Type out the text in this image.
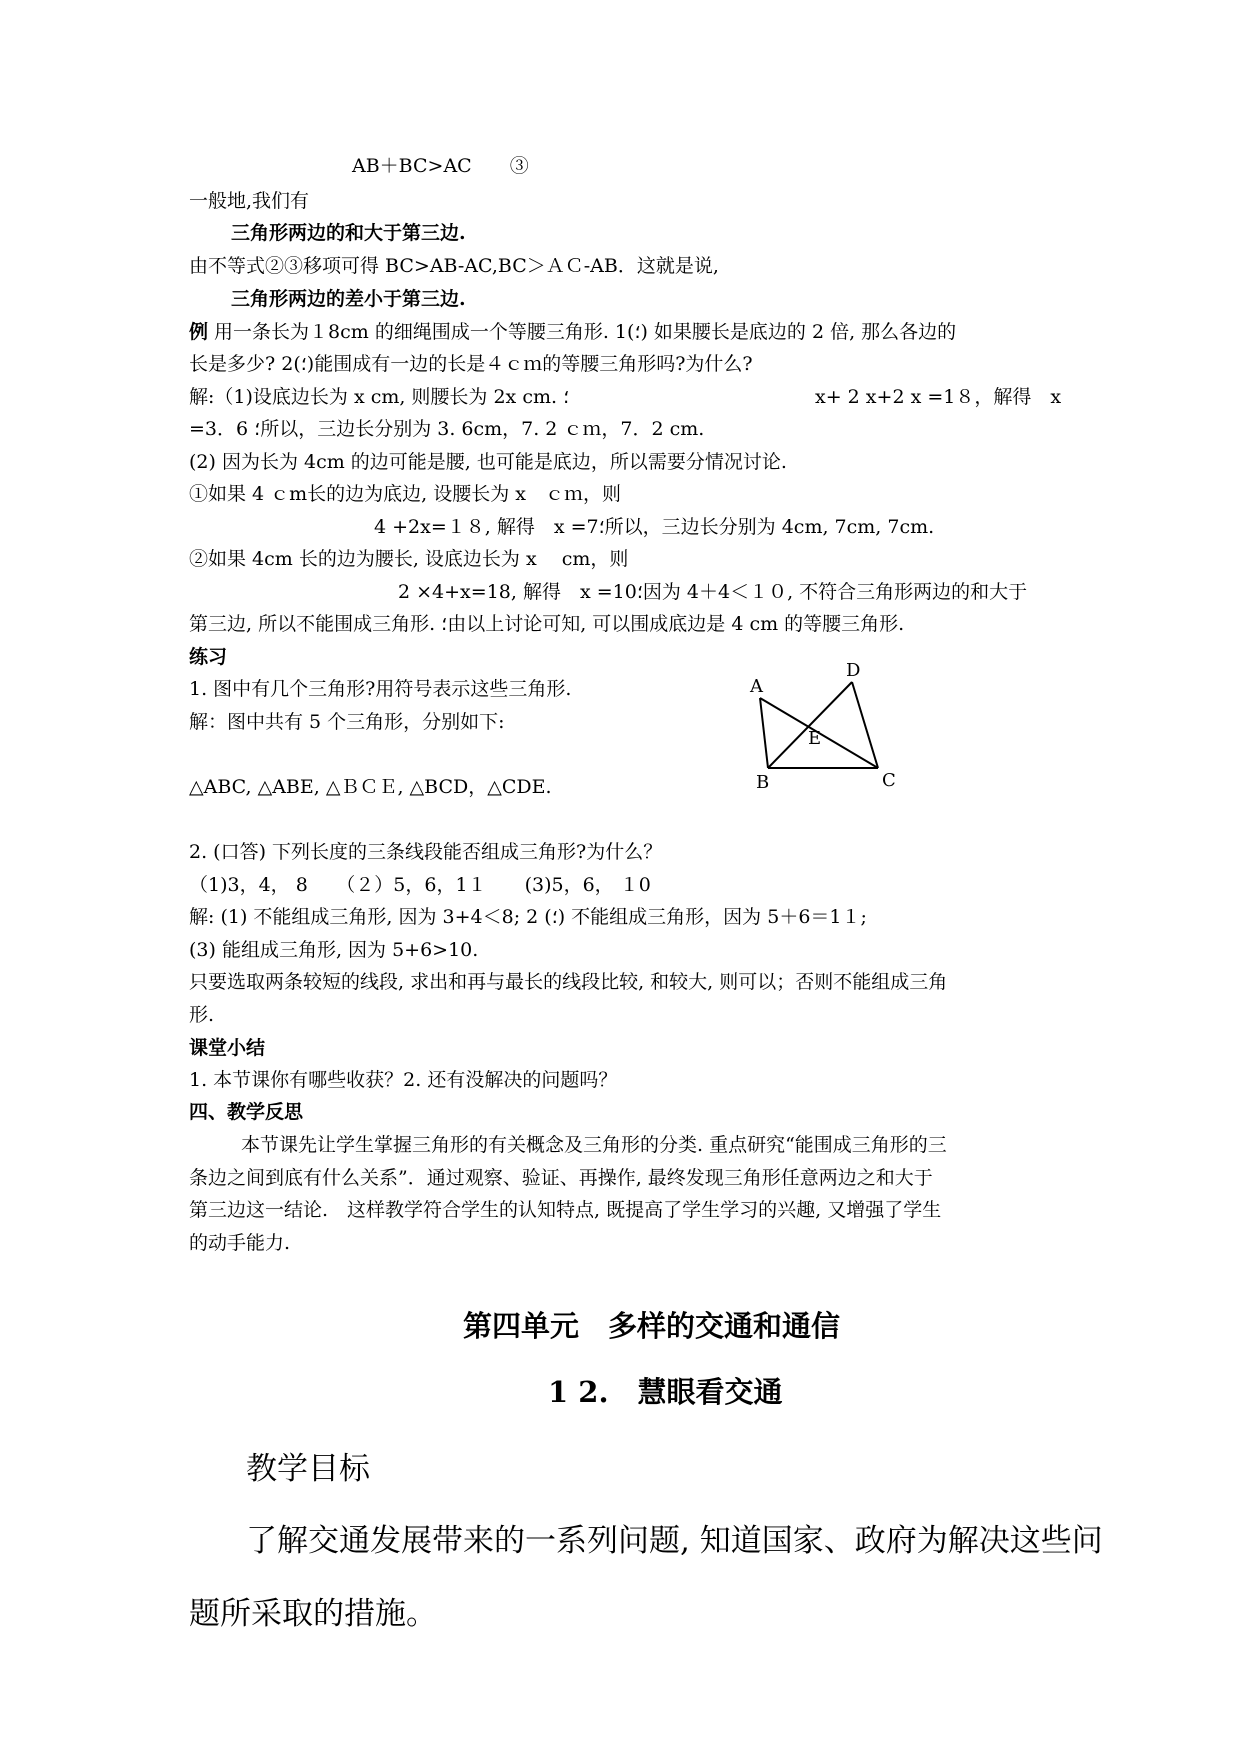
AB＋BC>AC　　③
一般地,我们有
三角形两边的和大于第三边.
由不等式②③移项可得 BC>AB-AC,BC＞ＡＣ-AB．这就是说,
三角形两边的差小于第三边.
例 用一条长为１8cm 的细绳围成一个等腰三角形. 1(؛) 如果腰长是底边的 2 倍, 那么各边的
长是多少? 2(؛)能围成有一边的长是４ｃｍ的等腰三角形吗?为什么?
解:（1)设底边长为 x cm, 则腰长为 2x cm. ؛	x+ 2 x+2 x =1８，解得　x
=3．6 ؛所以，三边长分别为 3. 6cm，7. 2 ｃｍ，7．2 cm.
(2) 因为长为 4cm 的边可能是腰, 也可能是底边，所以需要分情况讨论.
①如果 4 ｃm长的边为底边, 设腰长为 x　ｃｍ，则
4 +2x=１８, 解得　x =7؛所以，三边长分别为 4cm, 7cm, 7cm.
②如果 4cm 长的边为腰长, 设底边长为 x　 cm，则
2 ×4+x=18, 解得　x =10؛因为 4＋4＜１０, 不符合三角形两边的和大于
第三边, 所以不能围成三角形. ؛由以上讨论可知, 可以围成底边是 4 cm 的等腰三角形.
练习
1. 图中有几个三角形?用符号表示这些三角形.
解：图中共有 5 个三角形，分别如下:
△ABC, △ABE, △ＢＣＥ, △BCD，△CDE.
A
B	C
D
E
2. (口答) 下列长度的三条线段能否组成三角形?为什么？
（1)3，4， 8　　（２）5，6，1１　　(3)5，6， １0
解: (1) 不能组成三角形, 因为 3+4＜8; 2 (؛) 不能组成三角形，因为 5＋6＝1１;
(3) 能组成三角形, 因为 5+6>10.
只要选取两条较短的线段, 求出和再与最长的线段比较, 和较大, 则可以；否则不能组成三角
形.
课堂小结
1. 本节课你有哪些收获？2. 还有没解决的问题吗？
四、教学反思
本节课先让学生掌握三角形的有关概念及三角形的分类. 重点研究“能围成三角形的三
条边之间到底有什么关系”．通过观察、验证、再操作, 最终发现三角形任意两边之和大于
第三边这一结论.　这样教学符合学生的认知特点, 既提高了学生学习的兴趣, 又增强了学生
的动手能力.
第四单元　多样的交通和通信
1 2.　慧眼看交通
教学目标
了解交通发展带来的一系列问题, 知道国家、政府为解决这些问
题所采取的措施。
